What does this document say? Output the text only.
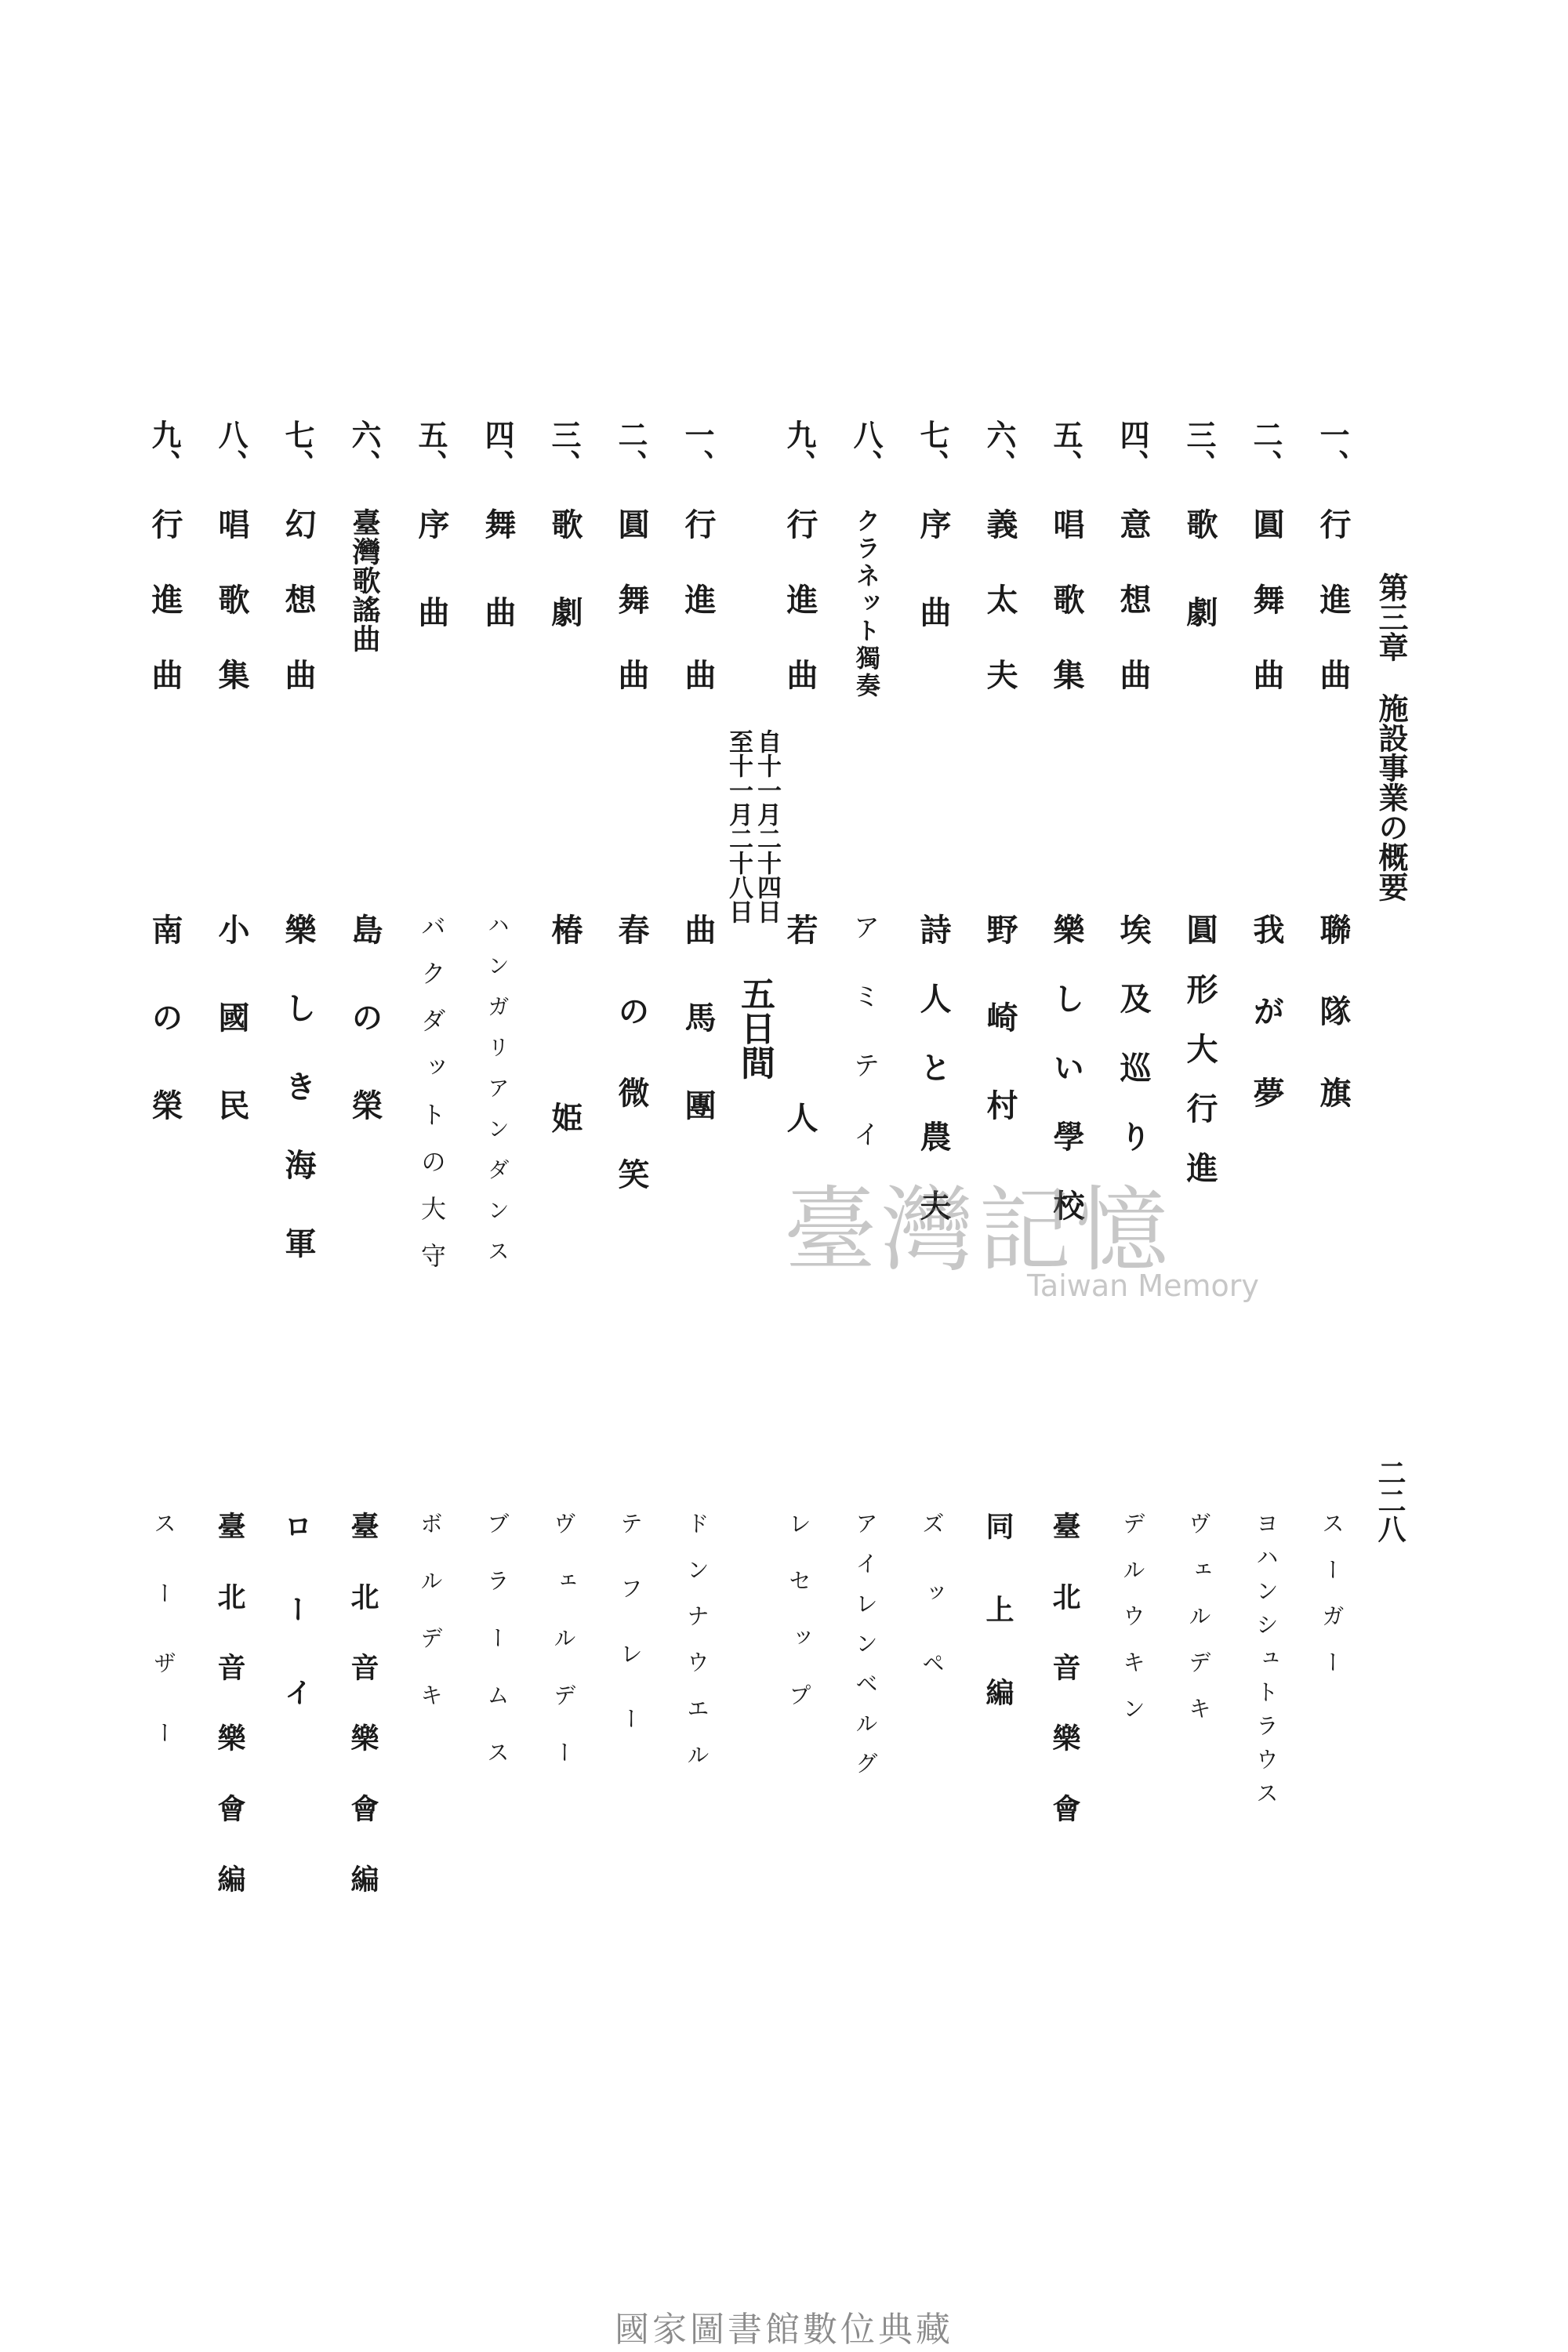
第三章施設事業の概要
二二八
一、
行進曲
聯隊旗
スーガー
二、
圓舞曲
我が夢
ヨハンシュトラウス
三、
歌劇
圓形大行進
ヴェルデキ
四、
意想曲
埃及巡り
デルウキン
五、
唱歌集
樂しい學校
臺北音樂會
六、
義太夫
野崎村
同上編
七、
序曲
詩人と農夫
ズッペ
八、
クラネット獨奏
アミテイ
アイレンベルグ
九、
行進曲
若人
レセップ
自十一月二十四日
至十一月二十八日
五日間
一、
行進曲
曲馬團
ドンナウエル
二、
圓舞曲
春の微笑
テフレー
三、
歌劇
椿姫
ヴェルデー
四、
舞曲
ハンガリアンダンス
ブラームス
五、
序曲
バクダットの大守
ボルデキ
六、
臺灣歌謠曲
島の榮
臺北音樂會編
七、
幻想曲
樂しき海軍
ローイ
八、
唱歌集
小國民
臺北音樂會編
九、
行進曲
南の榮
スーザー
臺灣記憶
Taiwan Memory
國家圖書館數位典藏
